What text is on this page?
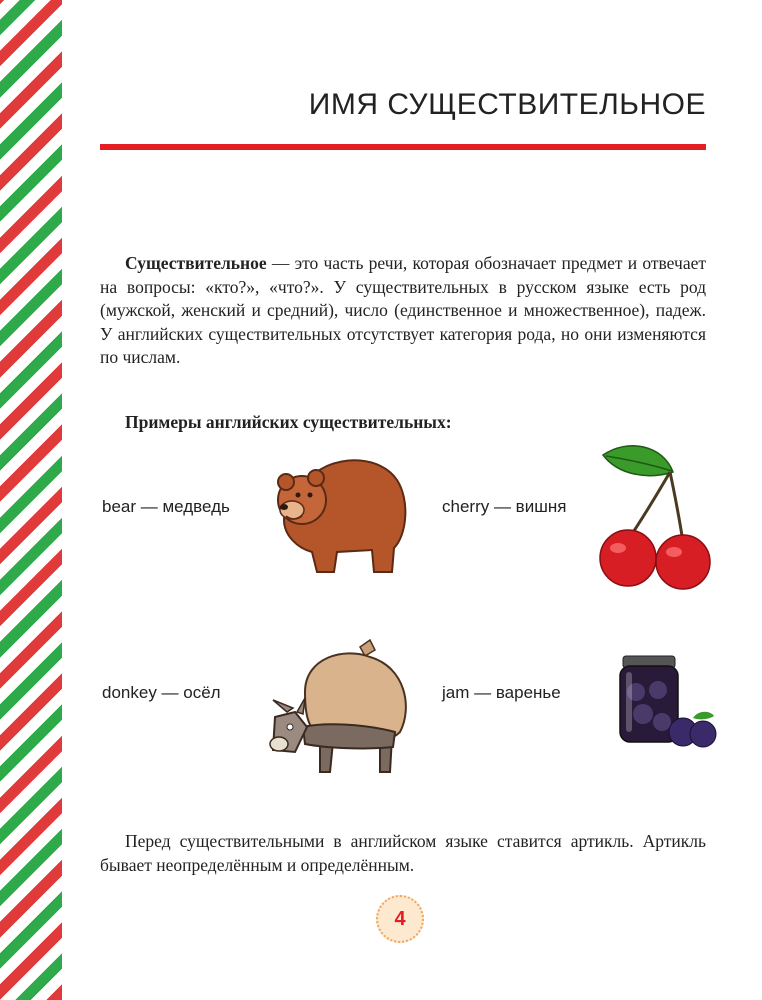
ИМЯ СУЩЕСТВИТЕЛЬНОЕ

Существительное — это часть речи, которая обозначает предмет и отвечает на вопросы: «кто?», «что?». У существительных в русском языке есть род (мужской, женский и средний), число (единственное и множественное), падеж. У английских существительных отсутствует категория рода, но они изменяются по числам.

Примеры английских существительных:
bear — медведь	cherry — вишня
donkey — осёл	jam — варенье

Перед существительными в английском языке ставится артикль. Артикль бывает неопределённым и определённым.

4
